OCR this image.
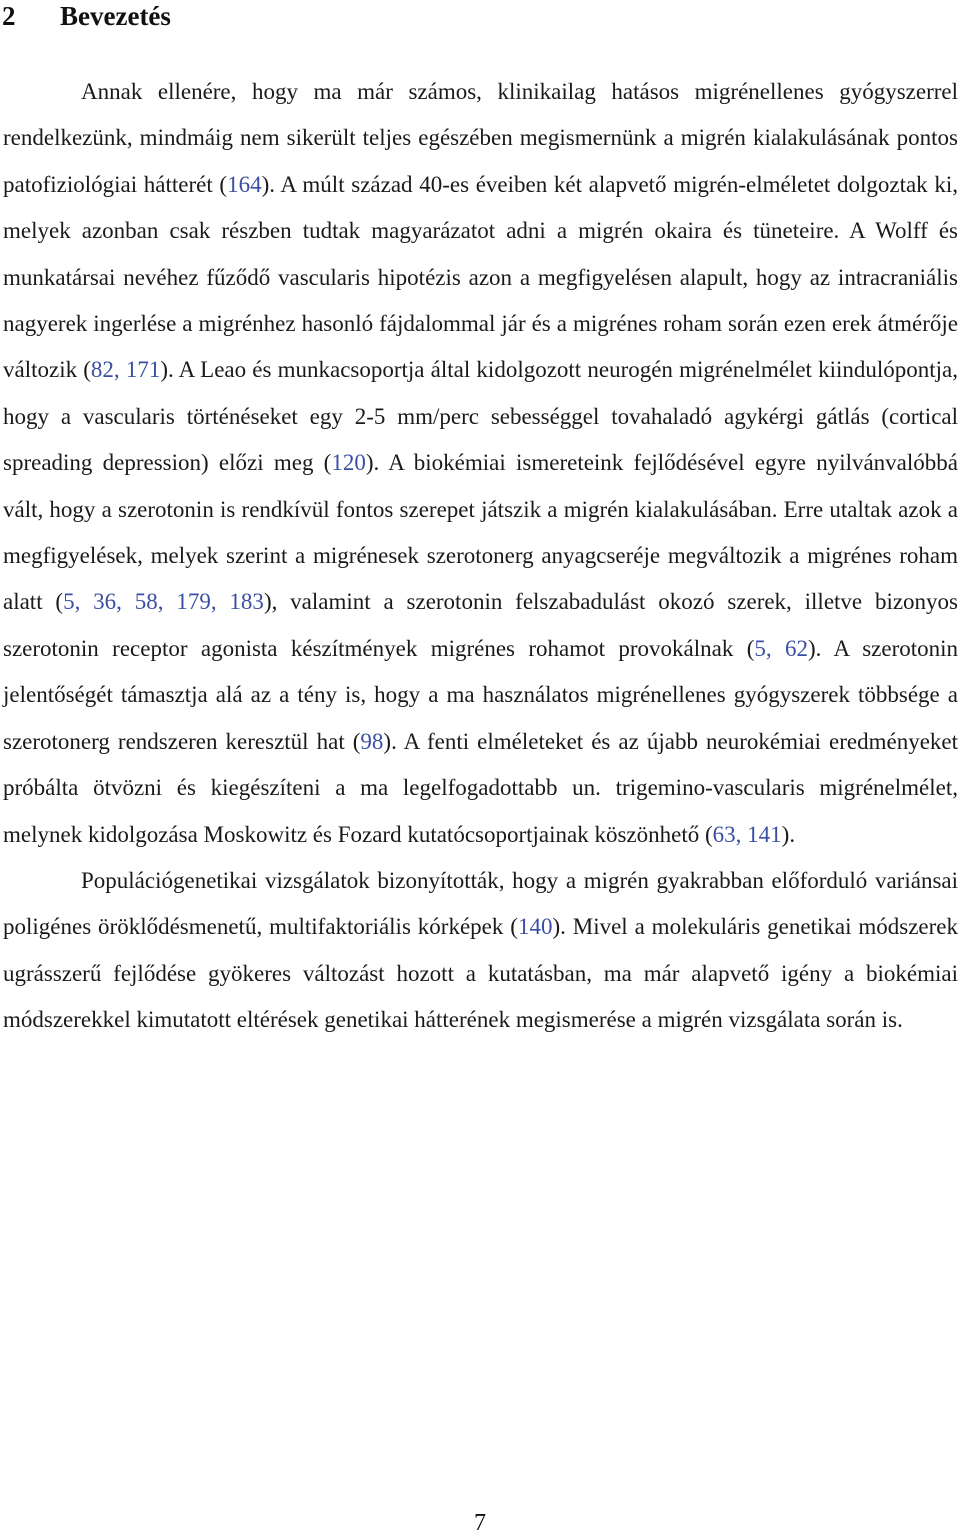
2 Bevezetés

Annak ellenére, hogy ma már számos, klinikailag hatásos migrénellenes gyógyszerrel rendelkezünk, mindmáig nem sikerült teljes egészében megismernünk a migrén kialakulásának pontos patofiziológiai hátterét (164). A múlt század 40-es éveiben két alapvető migrén-elméletet dolgoztak ki, melyek azonban csak részben tudtak magyarázatot adni a migrén okaira és tüneteire. A Wolff és munkatársai nevéhez fűződő vascularis hipotézis azon a megfigyelésen alapult, hogy az intracraniális nagyerek ingerlése a migrénhez hasonló fájdalommal jár és a migrénes roham során ezen erek átmérője változik (82, 171). A Leao és munkacsoportja által kidolgozott neurogén migrénelmélet kiindulópontja, hogy a vascularis történéseket egy 2-5 mm/perc sebességgel tovahaladó agykérgi gátlás (cortical spreading depression) előzi meg (120). A biokémiai ismereteink fejlődésével egyre nyilvánvalóbbá vált, hogy a szerotonin is rendkívül fontos szerepet játszik a migrén kialakulásában. Erre utaltak azok a megfigyelések, melyek szerint a migrénesek szerotonerg anyagcseréje megváltozik a migrénes roham alatt (5, 36, 58, 179, 183), valamint a szerotonin felszabadulást okozó szerek, illetve bizonyos szerotonin receptor agonista készítmények migrénes rohamot provokálnak (5, 62). A szerotonin jelentőségét támasztja alá az a tény is, hogy a ma használatos migrénellenes gyógyszerek többsége a szerotonerg rendszeren keresztül hat (98). A fenti elméleteket és az újabb neurokémiai eredményeket próbálta ötvözni és kiegészíteni a ma legelfogadottabb un. trigemino-vascularis migrénelmélet, melynek kidolgozása Moskowitz és Fozard kutatócsoportjainak köszönhető (63, 141).

Populációgenetikai vizsgálatok bizonyították, hogy a migrén gyakrabban előforduló variánsai poligénes öröklődésmenetű, multifaktoriális kórképek (140). Mivel a molekuláris genetikai módszerek ugrásszerű fejlődése gyökeres változást hozott a kutatásban, ma már alapvető igény a biokémiai módszerekkel kimutatott eltérések genetikai hátterének megismerése a migrén vizsgálata során is.

7
